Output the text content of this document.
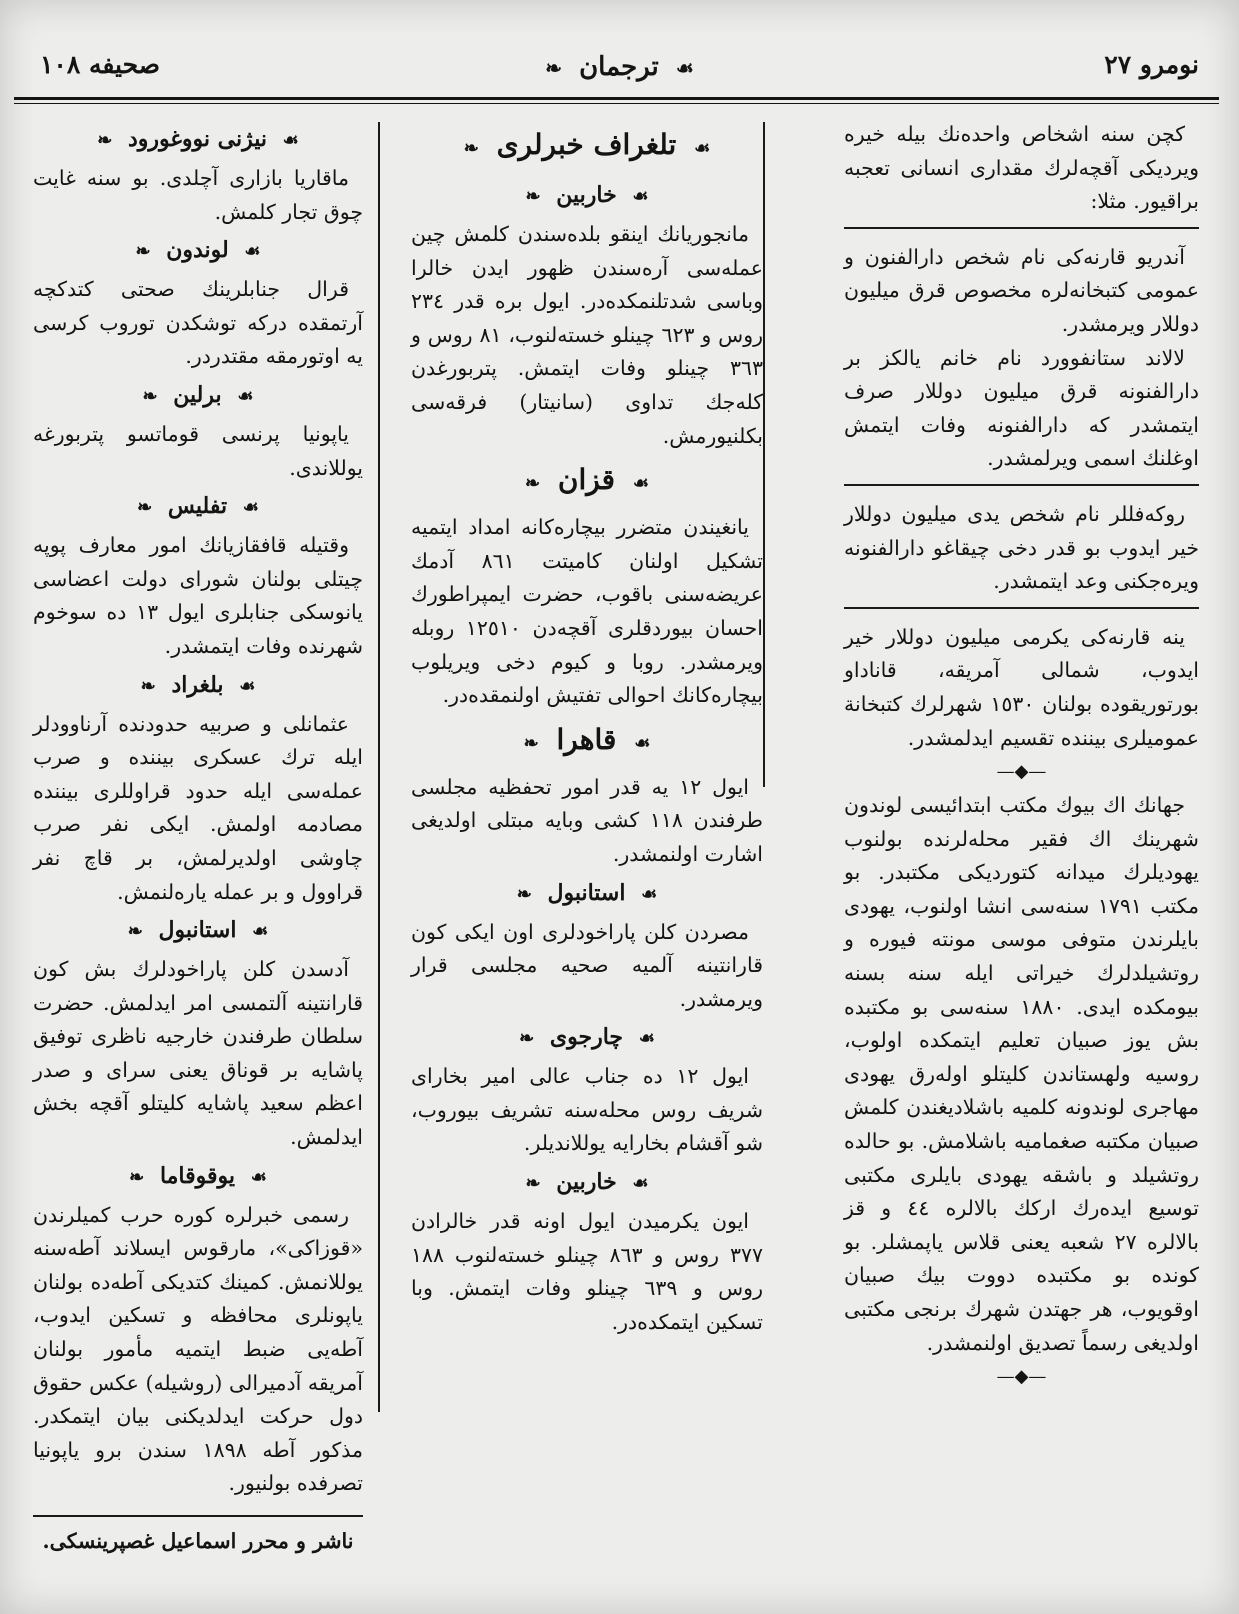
نومرو ٢٧
☙ ترجمان ❧
صحیفه ١٠٨

کچن سنه اشخاص واحدەنك بیله خیره ویردیکی آقچەلرك مقداری انسانی تعجبه براقیور. مثلا:

آندریو قارنەکی نام شخص دارالفنون و عمومی کتبخانەلره مخصوص قرق میلیون دوللار ویرمشدر.

لالاند ستانفوورد نام خانم یالکز بر دارالفنونه قرق میلیون دوللار صرف ایتمشدر که دارالفنونه وفات ایتمش اوغلنك اسمی ویرلمشدر.

روکەفللر نام شخص یدی میلیون دوللار خیر ایدوب بو قدر دخی چیقاغو دارالفنونه ویرەجکنی وعد ایتمشدر.

ینه قارنەکی یکرمی میلیون دوللار خیر ایدوب، شمالی آمریقه، قاناداو بورتوریقوده بولنان ١٥٣٠ شهرلرك کتبخانة عمومیلری بیننده تقسیم ایدلمشدر.

—◆—

جهانك اك بیوك مکتب ابتدائیسی لوندون شهرینك اك فقیر محلەلرنده بولنوب یهودیلرك میدانه کتوردیکی مکتبدر. بو مکتب ١٧٩١ سنەسی انشا اولنوب، یهودی بایلرندن متوفی موسی مونته فیوره و روتشیلدلرك خیراتی ایله سنه بسنه بیومکده ایدی. ١٨٨٠ سنەسی بو مکتبده بش یوز صبیان تعلیم ایتمکده اولوب، روسیه ولهستاندن کلیتلو اولەرق یهودی مهاجری لوندونه کلمیه باشلادیغندن کلمش صبیان مکتبه صغمامیه باشلامش. بو حالده روتشیلد و باشقه یهودی بایلری مکتبی توسیع ایدەرك ارکك بالالره ٤٤ و قز بالالره ٢٧ شعبه یعنی قلاس یاپمشلر. بو کونده بو مکتبده دووت بیك صبیان اوقویوب، هر جهتدن شهرك برنجی مکتبی اولدیغی رسماً تصدیق اولنمشدر.

—◆—
☙ تلغراف خبرلری ❧
☙ خاربین ❧

مانجوریانك اینقو بلدەسندن کلمش چین عملەسی آرەسندن ظهور ایدن خالرا وباسی شدتلنمکدەدر. ایول بره قدر ٢٣٤ روس و ٦٢٣ چینلو خستەلنوب، ٨١ روس و ٣٦٣ چینلو وفات ایتمش. پتربورغدن کلەجك تداوی (سانیتار) فرقەسی بکلنیورمش.

☙ قزان ❧

یانغیندن متضرر بیچارەکانه امداد ایتمیه تشکیل اولنان کامیتت ٨٦١ آدمك عریضەسنی باقوب، حضرت ایمپراطورك احسان بیوردقلری آقچەدن ١٢٥١٠ روبله ویرمشدر. روبا و کیوم دخی ویریلوب بیچارەکانك احوالی تفتیش اولنمقدەدر.

☙ قاهرا ❧

ایول ١٢ یه قدر امور تحفظیه مجلسی طرفندن ١١٨ کشی وبایه مبتلی اولدیغی اشارت اولنمشدر.

☙ استانبول ❧

مصردن کلن پاراخودلری اون ایکی کون قارانتینه آلمیه صحیه مجلسی قرار ویرمشدر.

☙ چارجوی ❧

ایول ١٢ ده جناب عالی امیر بخارای شریف روس محلەسنه تشریف بیوروب، شو آقشام بخارایه یوللاندیلر.

☙ خاربین ❧

ایون یکرمیدن ایول اونه قدر خالرادن ٣٧٧ روس و ٨٦٣ چینلو خستەلنوب ١٨٨ روس و ٦٣٩ چینلو وفات ایتمش. وبا تسکین ایتمکدەدر.

☙ نیژنی نووغورود ❧

ماقاریا بازاری آچلدی. بو سنه غایت چوق تجار کلمش.

☙ لوندون ❧

قرال جنابلرینك صحتی کتدکچه آرتمقده درکه توشکدن توروب کرسی یه اوتورمقه مقتدردر.

☙ برلین ❧

یاپونیا پرنسی قوماتسو پتربورغه یوللاندی.

☙ تفلیس ❧

وقتیله قافقازیانك امور معارف پوپه چیتلی بولنان شورای دولت اعضاسی یانوسکی جنابلری ایول ١٣ ده سوخوم شهرنده وفات ایتمشدر.

☙ بلغراد ❧

عثمانلی و صربیه حدودنده آرناوودلر ایله ترك عسکری بیننده و صرب عملەسی ایله حدود قراوللری بیننده مصادمه اولمش. ایکی نفر صرب چاوشی اولدیرلمش، بر قاچ نفر قراوول و بر عمله یارەلنمش.

☙ استانبول ❧

آدسدن کلن پاراخودلرك بش کون قارانتینه آلتمسی امر ایدلمش. حضرت سلطان طرفندن خارجیه ناظری توفیق پاشایه بر قوناق یعنی سرای و صدر اعظم سعید پاشایه کلیتلو آقچه بخش ایدلمش.

☙ یوقوقاما ❧

رسمی خبرلره کوره حرب کمیلرندن «قوزاکی»، مارقوس ایسلاند آطەسنه یوللانمش. کمینك کتدیکی آطەده بولنان یاپونلری محافظه و تسکین ایدوب، آطەیی ضبط ایتمیه مأمور بولنان آمریقه آدمیرالی (روشیله) عکس حقوق دول حرکت ایدلدیکنی بیان ایتمکدر. مذکور آطه ١٨٩٨ سندن برو یاپونیا تصرفده بولنیور.

ناشر و محرر اسماعیل غصپرینسکی.
